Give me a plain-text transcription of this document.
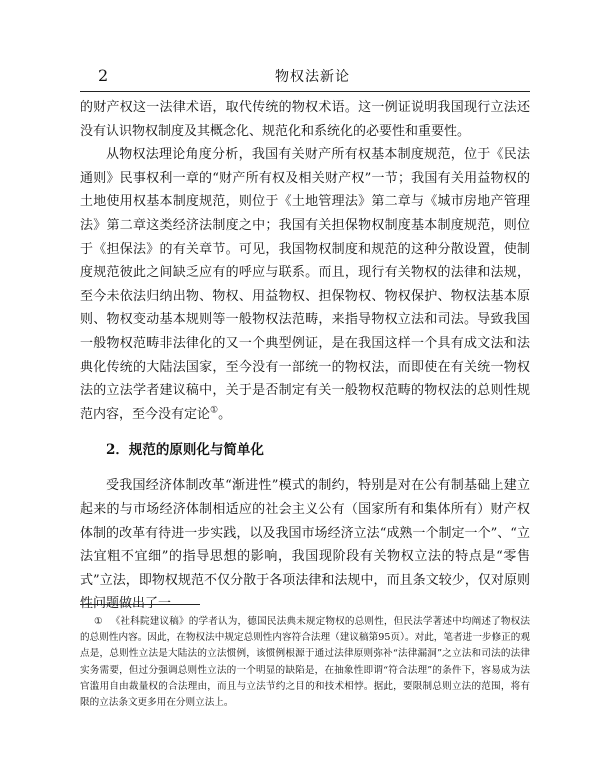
2	物权法新论

的财产权这一法律术语，取代传统的物权术语。这一例证说明我国现行立法还没有认识物权制度及其概念化、规范化和系统化的必要性和重要性。

从物权法理论角度分析，我国有关财产所有权基本制度规范，位于《民法通则》民事权利一章的“财产所有权及相关财产权”一节；我国有关用益物权的土地使用权基本制度规范，则位于《土地管理法》第二章与《城市房地产管理法》第二章这类经济法制度之中；我国有关担保物权制度基本制度规范，则位于《担保法》的有关章节。可见，我国物权制度和规范的这种分散设置，使制度规范彼此之间缺乏应有的呼应与联系。而且，现行有关物权的法律和法规，至今未依法归纳出物、物权、用益物权、担保物权、物权保护、物权法基本原则、物权变动基本规则等一般物权法范畴，来指导物权立法和司法。导致我国一般物权范畴非法律化的又一个典型例证，是在我国这样一个具有成文法和法典化传统的大陆法国家，至今没有一部统一的物权法，而即使在有关统一物权法的立法学者建议稿中，关于是否制定有关一般物权范畴的物权法的总则性规范内容，至今没有定论①。

2．规范的原则化与简单化

受我国经济体制改革“渐进性”模式的制约，特别是对在公有制基础上建立起来的与市场经济体制相适应的社会主义公有（国家所有和集体所有）财产权体制的改革有待进一步实践，以及我国市场经济立法“成熟一个制定一个”、“立法宜粗不宜细”的指导思想的影响，我国现阶段有关物权立法的特点是“零售式”立法，即物权规范不仅分散于各项法律和法规中，而且条文较少，仅对原则性问题做出了一

① 《社科院建议稿》的学者认为，德国民法典未规定物权的总则性，但民法学著述中均阐述了物权法的总则性内容。因此，在物权法中规定总则性内容符合法理（建议稿第95页）。对此，笔者进一步修正的观点是，总则性立法是大陆法的立法惯例，该惯例根源于通过法律原则弥补“法律漏洞”之立法和司法的法律实务需要，但过分强调总则性立法的一个明显的缺陷是，在抽象性即谓“符合法理”的条件下，容易成为法官滥用自由裁量权的合法理由，而且与立法节约之目的和技术相悖。据此，要限制总则立法的范围，将有限的立法条文更多用在分则立法上。
